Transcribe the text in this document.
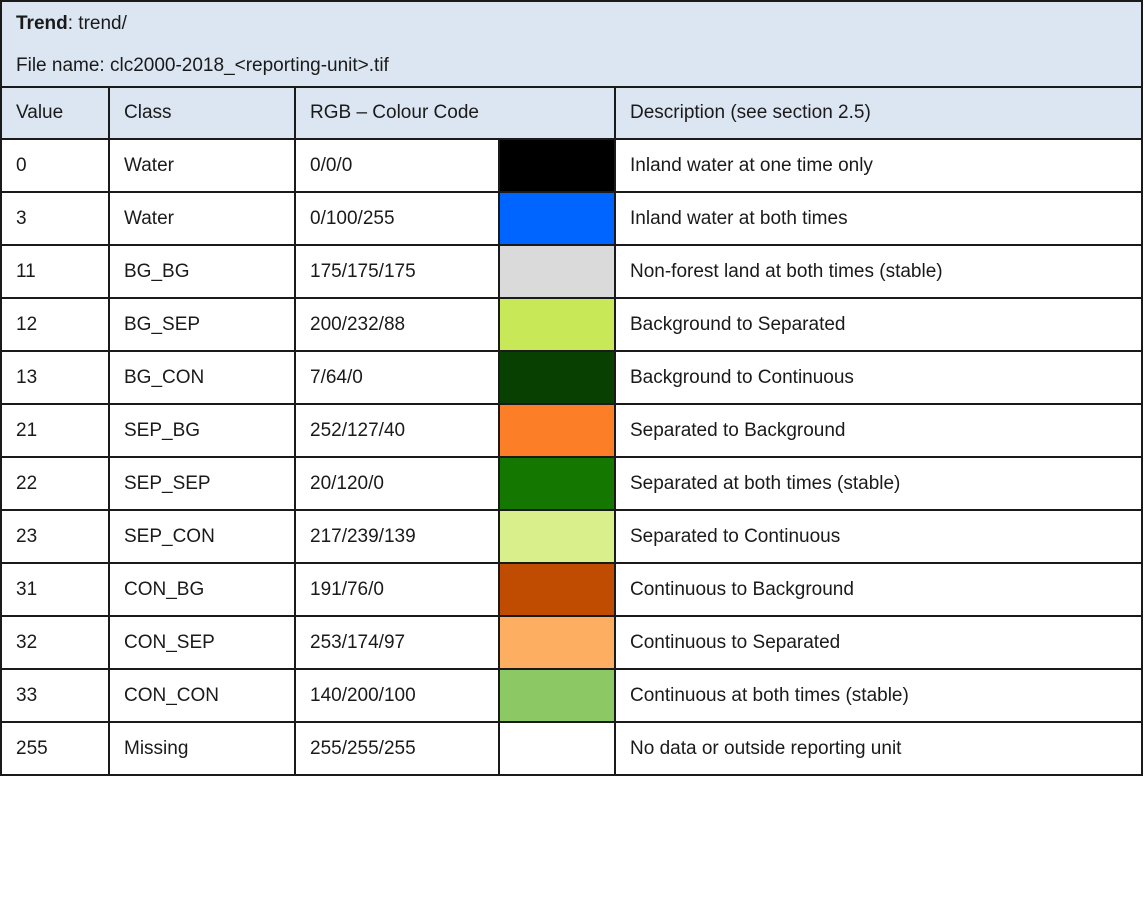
Trend: trend/				
File name: clc2000-2018_<reporting-unit>.tif				
Value	Class	RGB – Colour Code		Description (see section 2.5)
0	Water	0/0/0		Inland water at one time only
3	Water	0/100/255		Inland water at both times
11	BG_BG	175/175/175		Non-forest land at both times (stable)
12	BG_SEP	200/232/88		Background to Separated
13	BG_CON	7/64/0		Background to Continuous
21	SEP_BG	252/127/40		Separated to Background
22	SEP_SEP	20/120/0		Separated at both times (stable)
23	SEP_CON	217/239/139		Separated to Continuous
31	CON_BG	191/76/0		Continuous to Background
32	CON_SEP	253/174/97		Continuous to Separated
33	CON_CON	140/200/100		Continuous at both times (stable)
255	Missing	255/255/255		No data or outside reporting unit
